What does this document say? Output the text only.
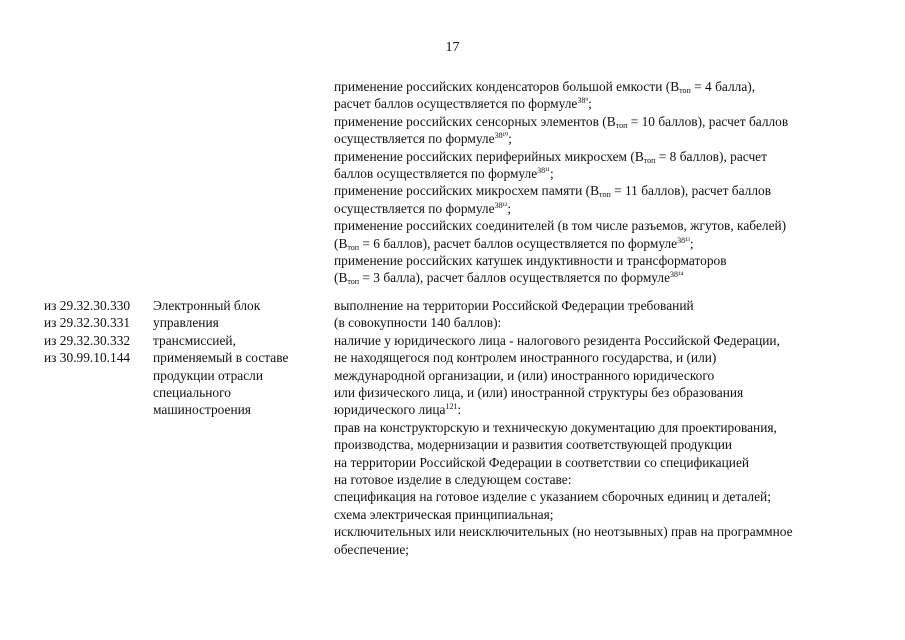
17
применение российских конденсаторов большой емкости ($В_{топ} = 4$ балла),
расчет баллов осуществляется по формуле$^{38^9}$;
применение российских сенсорных элементов ($В_{топ} = 10$ баллов), расчет баллов
осуществляется по формуле$^{38^{10}}$;
применение российских периферийных микросхем ($В_{топ} = 8$ баллов), расчет
баллов осуществляется по формуле$^{38^{11}}$;
применение российских микросхем памяти ($В_{топ} = 11$ баллов), расчет баллов
осуществляется по формуле$^{38^{12}}$;
применение российских соединителей (в том числе разъемов, жгутов, кабелей)
($В_{топ} = 6$ баллов), расчет баллов осуществляется по формуле$^{38^{13}}$;
применение российских катушек индуктивности и трансформаторов
($В_{топ} = 3$ балла), расчет баллов осуществляется по формуле$^{38^{14}}$
из 29.32.30.330
из 29.32.30.331
из 29.32.30.332
из 30.99.10.144
Электронный блок
управления
трансмиссией,
применяемый в составе
продукции отрасли
специального
машиностроения
выполнение на территории Российской Федерации требований
(в совокупности 140 баллов):
наличие у юридического лица - налогового резидента Российской Федерации,
не находящегося под контролем иностранного государства, и (или)
международной организации, и (или) иностранного юридического
или физического лица, и (или) иностранной структуры без образования
юридического лица$^{121}$:
прав на конструкторскую и техническую документацию для проектирования,
производства, модернизации и развития соответствующей продукции
на территории Российской Федерации в соответствии со спецификацией
на готовое изделие в следующем составе:
спецификация на готовое изделие с указанием сборочных единиц и деталей;
схема электрическая принципиальная;
исключительных или неисключительных (но неотзывных) прав на программное
обеспечение;
